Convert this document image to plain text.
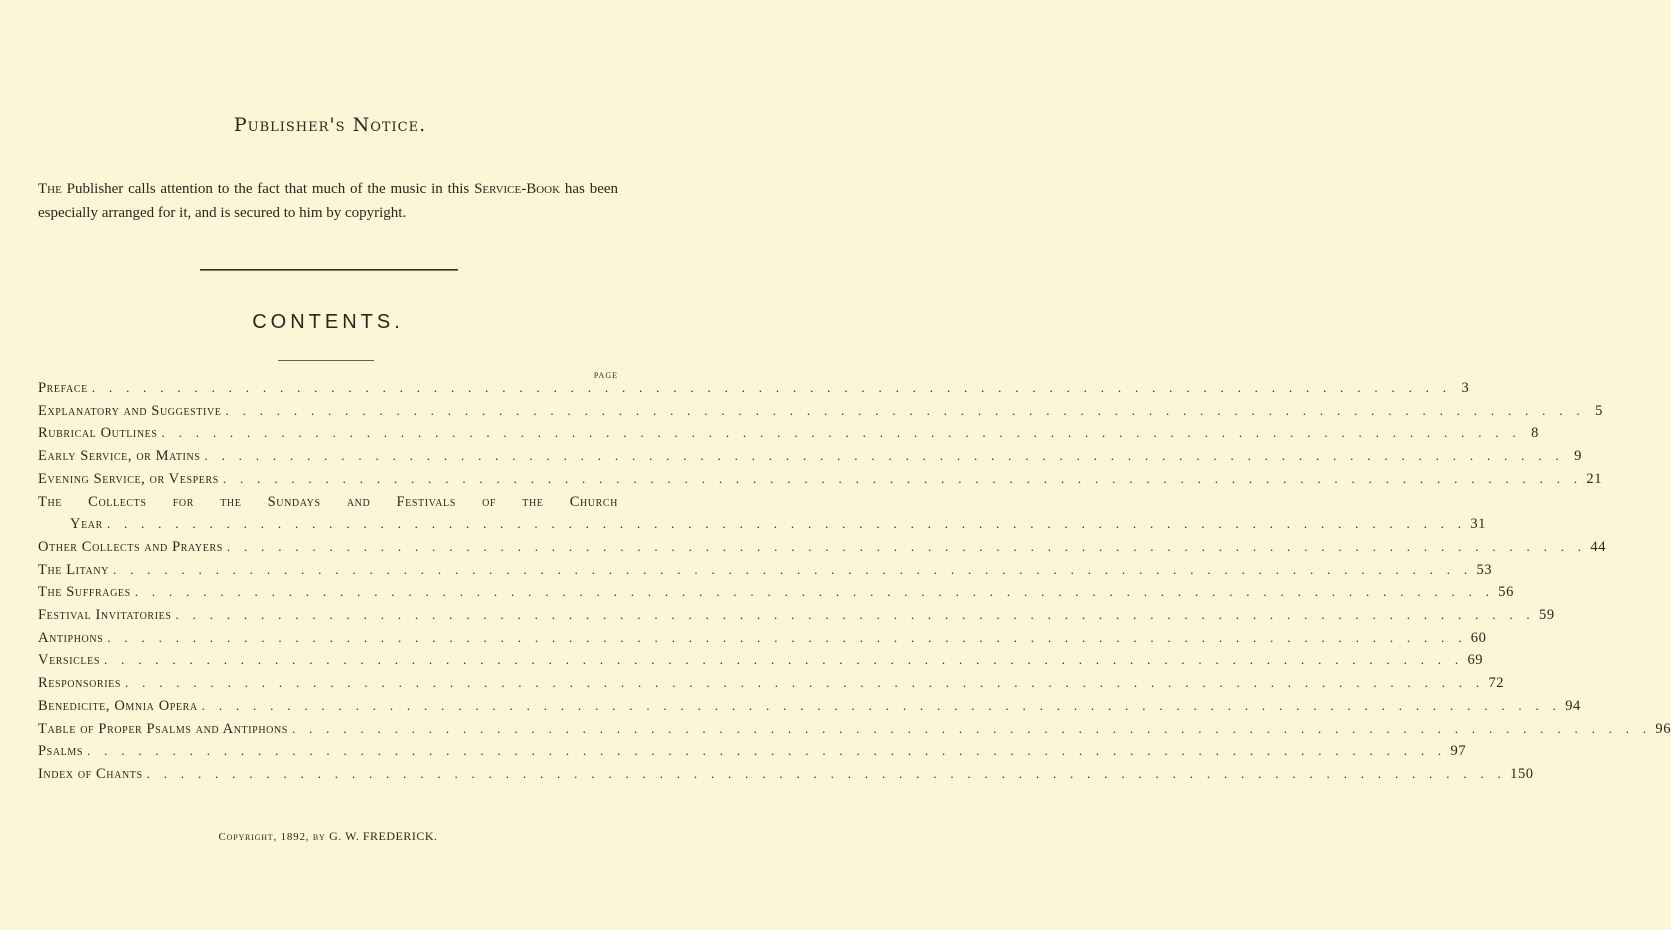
Publisher's Notice.
The Publisher calls attention to the fact that much of the music in this Service-Book has been especially arranged for it, and is secured to him by copyright.
CONTENTS.
PAGE
Preface . . . . . . . . . . . . . . . . . . . . . . . . . . . . . . . . . . . . . . . . . . . . . . . . . . . . . . . . . . . . . . . . . . . . . . . . . . . . . . . . 3
Explanatory and Suggestive . . . . . . . . . . . . . . . . . . . . . . . . . . . . . . . . . . . . . . . . . . . . . . . . . . . . . . . . . . . . . . . . . . . . . . . . . . . . . . . . 5
Rubrical Outlines . . . . . . . . . . . . . . . . . . . . . . . . . . . . . . . . . . . . . . . . . . . . . . . . . . . . . . . . . . . . . . . . . . . . . . . . . . . . . . . . 8
Early Service, or Matins . . . . . . . . . . . . . . . . . . . . . . . . . . . . . . . . . . . . . . . . . . . . . . . . . . . . . . . . . . . . . . . . . . . . . . . . . . . . . . . . 9
Evening Service, or Vespers . . . . . . . . . . . . . . . . . . . . . . . . . . . . . . . . . . . . . . . . . . . . . . . . . . . . . . . . . . . . . . . . . . . . . . . . . . . . . . . . 21
The Collects for the Sundays and Festivals of the Church
Year . . . . . . . . . . . . . . . . . . . . . . . . . . . . . . . . . . . . . . . . . . . . . . . . . . . . . . . . . . . . . . . . . . . . . . . . . . . . . . . . 31
Other Collects and Prayers . . . . . . . . . . . . . . . . . . . . . . . . . . . . . . . . . . . . . . . . . . . . . . . . . . . . . . . . . . . . . . . . . . . . . . . . . . . . . . . . 44
The Litany . . . . . . . . . . . . . . . . . . . . . . . . . . . . . . . . . . . . . . . . . . . . . . . . . . . . . . . . . . . . . . . . . . . . . . . . . . . . . . . . 53
The Suffrages . . . . . . . . . . . . . . . . . . . . . . . . . . . . . . . . . . . . . . . . . . . . . . . . . . . . . . . . . . . . . . . . . . . . . . . . . . . . . . . . 56
Festival Invitatories . . . . . . . . . . . . . . . . . . . . . . . . . . . . . . . . . . . . . . . . . . . . . . . . . . . . . . . . . . . . . . . . . . . . . . . . . . . . . . . . 59
Antiphons . . . . . . . . . . . . . . . . . . . . . . . . . . . . . . . . . . . . . . . . . . . . . . . . . . . . . . . . . . . . . . . . . . . . . . . . . . . . . . . . 60
Versicles . . . . . . . . . . . . . . . . . . . . . . . . . . . . . . . . . . . . . . . . . . . . . . . . . . . . . . . . . . . . . . . . . . . . . . . . . . . . . . . . 69
Responsories . . . . . . . . . . . . . . . . . . . . . . . . . . . . . . . . . . . . . . . . . . . . . . . . . . . . . . . . . . . . . . . . . . . . . . . . . . . . . . . . 72
Benedicite, Omnia Opera . . . . . . . . . . . . . . . . . . . . . . . . . . . . . . . . . . . . . . . . . . . . . . . . . . . . . . . . . . . . . . . . . . . . . . . . . . . . . . . . 94
Table of Proper Psalms and Antiphons . . . . . . . . . . . . . . . . . . . . . . . . . . . . . . . . . . . . . . . . . . . . . . . . . . . . . . . . . . . . . . . . . . . . . . . . . . . . . . . . 96
Psalms . . . . . . . . . . . . . . . . . . . . . . . . . . . . . . . . . . . . . . . . . . . . . . . . . . . . . . . . . . . . . . . . . . . . . . . . . . . . . . . . 97
Index of Chants . . . . . . . . . . . . . . . . . . . . . . . . . . . . . . . . . . . . . . . . . . . . . . . . . . . . . . . . . . . . . . . . . . . . . . . . . . . . . . . . 150
Copyright, 1892, by G. W. FREDERICK.
